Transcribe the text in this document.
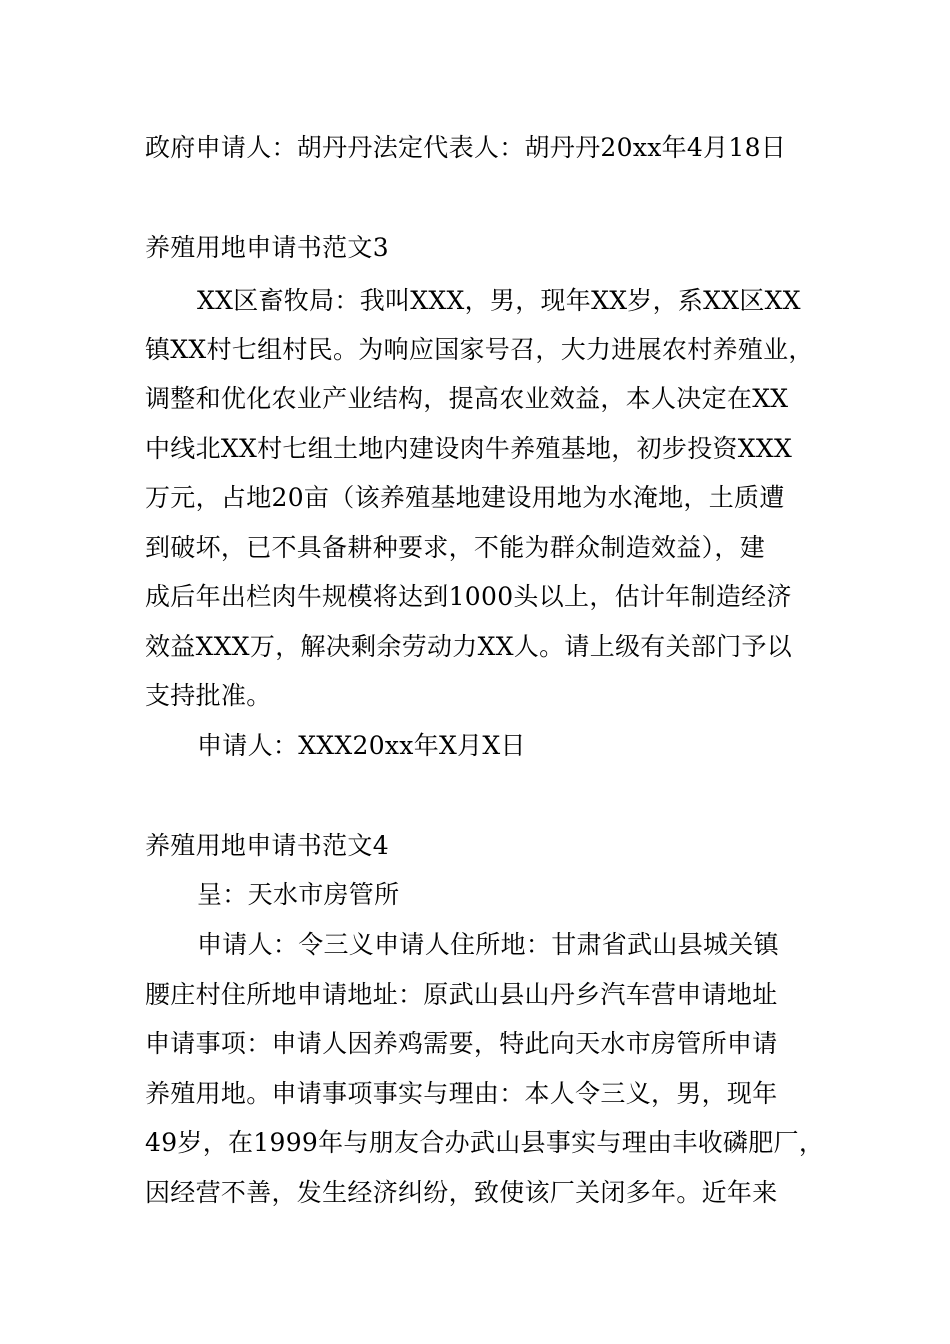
政府申请人：胡丹丹法定代表人：胡丹丹20xx年4月18日
养殖用地申请书范文3
XX区畜牧局：我叫XXX，男，现年XX岁，系XX区XX
镇XX村七组村民。为响应国家号召，大力进展农村养殖业，
调整和优化农业产业结构，提高农业效益，本人决定在XX
中线北XX村七组土地内建设肉牛养殖基地，初步投资XXX
万元，占地20亩（该养殖基地建设用地为水淹地，土质遭
到破坏，已不具备耕种要求，不能为群众制造效益），建
成后年出栏肉牛规模将达到1000头以上，估计年制造经济
效益XXX万，解决剩余劳动力XX人。请上级有关部门予以
支持批准。
申请人：XXX20xx年X月X日
养殖用地申请书范文4
呈：天水市房管所
申请人：令三义申请人住所地：甘肃省武山县城关镇
腰庄村住所地申请地址：原武山县山丹乡汽车营申请地址
申请事项：申请人因养鸡需要，特此向天水市房管所申请
养殖用地。申请事项事实与理由：本人令三义，男，现年
49岁，在1999年与朋友合办武山县事实与理由丰收磷肥厂，
因经营不善，发生经济纠纷，致使该厂关闭多年。近年来
